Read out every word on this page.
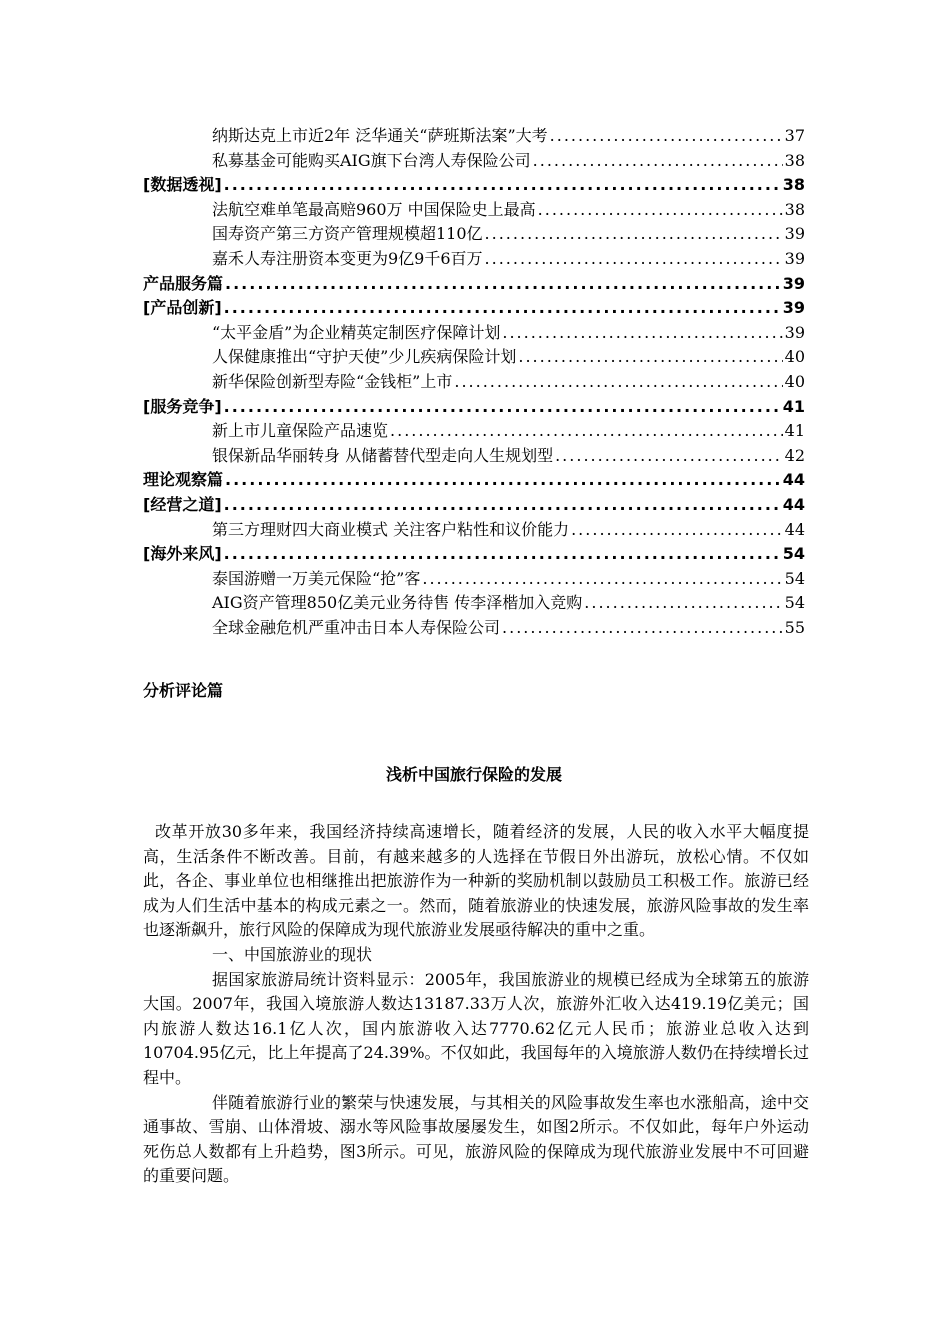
纳斯达克上市近2年 泛华通关“萨班斯法案”大考 .....	37
私募基金可能购买AIG旗下台湾人寿保险公司 .....	38
[数据透视] .....	38
法航空难单笔最高赔960万 中国保险史上最高 .....	38
国寿资产第三方资产管理规模超110亿 .....	39
嘉禾人寿注册资本变更为9亿9千6百万 .....	39
产品服务篇 .....	39
[产品创新] .....	39
“太平金盾”为企业精英定制医疗保障计划 .....	39
人保健康推出“守护天使”少儿疾病保险计划 .....	40
新华保险创新型寿险“金钱柜”上市 .....	40
[服务竞争] .....	41
新上市儿童保险产品速览 .....	41
银保新品华丽转身 从储蓄替代型走向人生规划型 .....	42
理论观察篇 .....	44
[经营之道] .....	44
第三方理财四大商业模式 关注客户粘性和议价能力 .....	44
[海外来风] .....	54
泰国游赠一万美元保险“抢”客 .....	54
AIG资产管理850亿美元业务待售 传李泽楷加入竞购 .....	54
全球金融危机严重冲击日本人寿保险公司 .....	55
分析评论篇
浅析中国旅行保险的发展

改革开放30多年来，我国经济持续高速增长，随着经济的发展，人民的收入水平大幅度提高，生活条件不断改善。目前，有越来越多的人选择在节假日外出游玩，放松心情。不仅如此，各企、事业单位也相继推出把旅游作为一种新的奖励机制以鼓励员工积极工作。旅游已经成为人们生活中基本的构成元素之一。然而，随着旅游业的快速发展，旅游风险事故的发生率也逐渐飙升，旅行风险的保障成为现代旅游业发展亟待解决的重中之重。

一、中国旅游业的现状

据国家旅游局统计资料显示：2005年，我国旅游业的规模已经成为全球第五的旅游大国。2007年，我国入境旅游人数达13187.33万人次，旅游外汇收入达419.19亿美元；国内旅游人数达16.1亿人次，国内旅游收入达7770.62亿元人民币；旅游业总收入达到10704.95亿元，比上年提高了24.39%。不仅如此，我国每年的入境旅游人数仍在持续增长过程中。

伴随着旅游行业的繁荣与快速发展，与其相关的风险事故发生率也水涨船高，途中交通事故、雪崩、山体滑坡、溺水等风险事故屡屡发生，如图2所示。不仅如此，每年户外运动死伤总人数都有上升趋势，图3所示。可见，旅游风险的保障成为现代旅游业发展中不可回避的重要问题。
